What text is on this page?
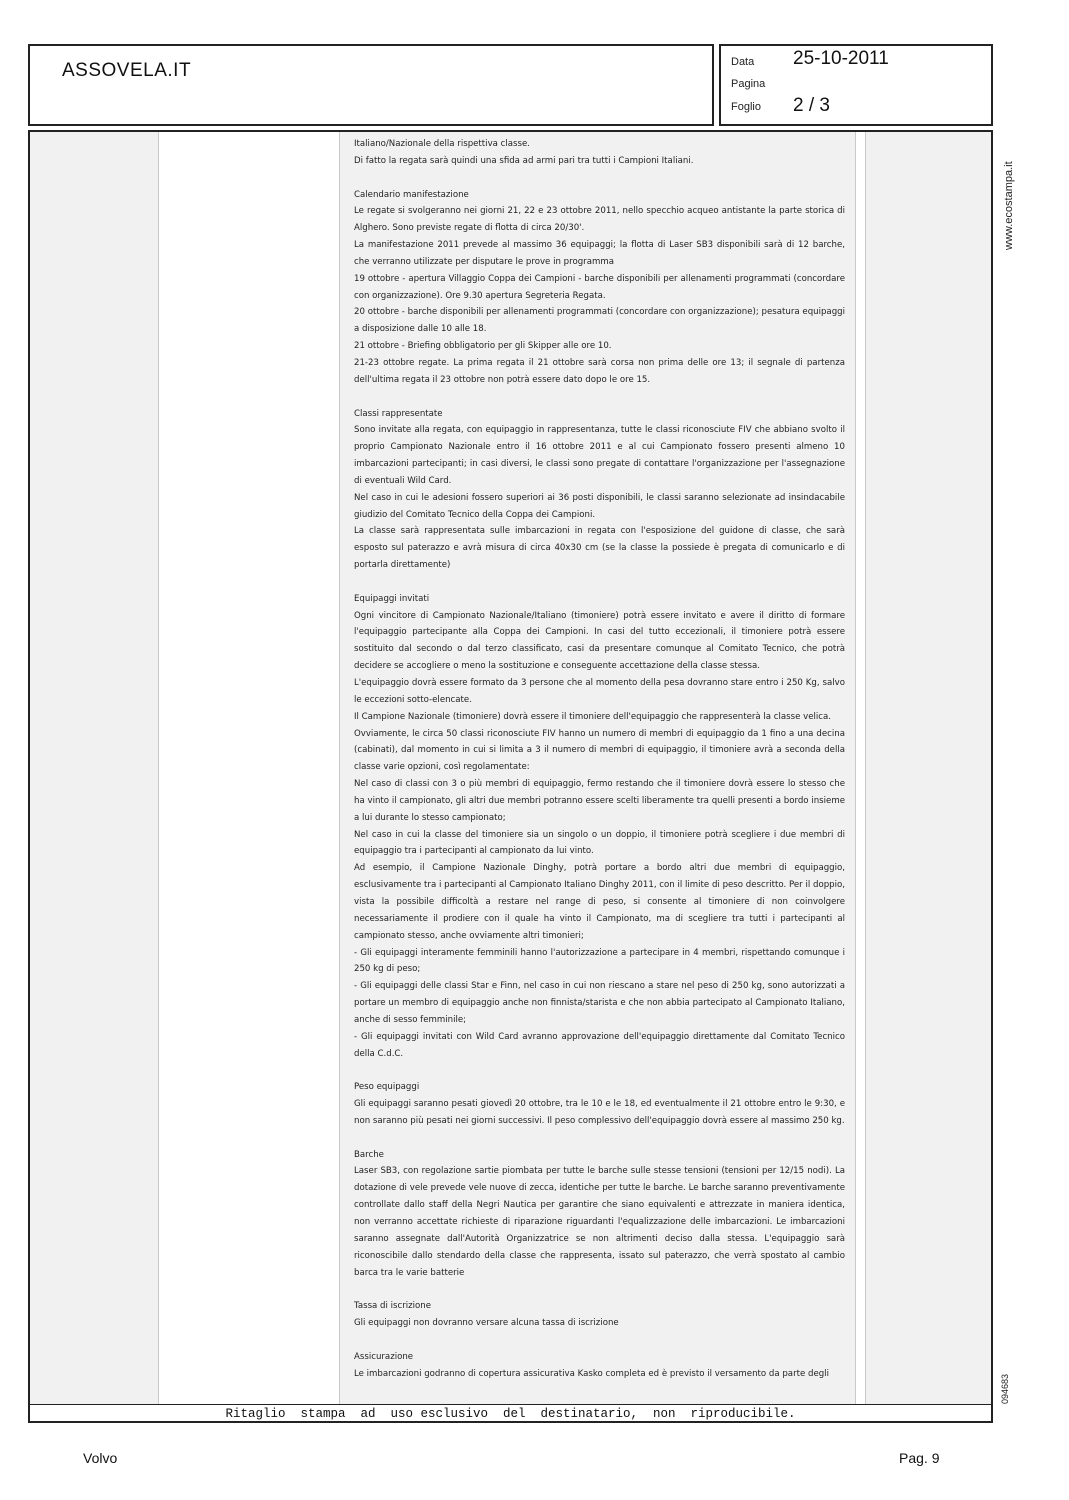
ASSOVELA.IT	Data 25-10-2011
Pagina
Foglio 2 / 3

Italiano/Nazionale della rispettiva classe.

Di fatto la regata sarà quindi una sfida ad armi pari tra tutti i Campioni Italiani.

Calendario manifestazione

Le regate si svolgeranno nei giorni 21, 22 e 23 ottobre 2011, nello specchio acqueo antistante la parte storica di Alghero. Sono previste regate di flotta di circa 20/30'.

La manifestazione 2011 prevede al massimo 36 equipaggi; la flotta di Laser SB3 disponibili sarà di 12 barche, che verranno utilizzate per disputare le prove in programma

19 ottobre - apertura Villaggio Coppa dei Campioni - barche disponibili per allenamenti programmati (concordare con organizzazione). Ore 9.30 apertura Segreteria Regata.

20 ottobre - barche disponibili per allenamenti programmati (concordare con organizzazione); pesatura equipaggi a disposizione dalle 10 alle 18.

21 ottobre - Briefing obbligatorio per gli Skipper alle ore 10.

21-23 ottobre regate. La prima regata il 21 ottobre sarà corsa non prima delle ore 13; il segnale di partenza dell'ultima regata il 23 ottobre non potrà essere dato dopo le ore 15.

Classi rappresentate

Sono invitate alla regata, con equipaggio in rappresentanza, tutte le classi riconosciute FIV che abbiano svolto il proprio Campionato Nazionale entro il 16 ottobre 2011 e al cui Campionato fossero presenti almeno 10 imbarcazioni partecipanti; in casi diversi, le classi sono pregate di contattare l'organizzazione per l'assegnazione di eventuali Wild Card.

Nel caso in cui le adesioni fossero superiori ai 36 posti disponibili, le classi saranno selezionate ad insindacabile giudizio del Comitato Tecnico della Coppa dei Campioni.

La classe sarà rappresentata sulle imbarcazioni in regata con l'esposizione del guidone di classe, che sarà esposto sul paterazzo e avrà misura di circa 40x30 cm (se la classe la possiede è pregata di comunicarlo e di portarla direttamente)

Equipaggi invitati

Ogni vincitore di Campionato Nazionale/Italiano (timoniere) potrà essere invitato e avere il diritto di formare l'equipaggio partecipante alla Coppa dei Campioni. In casi del tutto eccezionali, il timoniere potrà essere sostituito dal secondo o dal terzo classificato, casi da presentare comunque al Comitato Tecnico, che potrà decidere se accogliere o meno la sostituzione e conseguente accettazione della classe stessa.

L'equipaggio dovrà essere formato da 3 persone che al momento della pesa dovranno stare entro i 250 Kg, salvo le eccezioni sotto-elencate.

Il Campione Nazionale (timoniere) dovrà essere il timoniere dell'equipaggio che rappresenterà la classe velica.

Ovviamente, le circa 50 classi riconosciute FIV hanno un numero di membri di equipaggio da 1 fino a una decina (cabinati), dal momento in cui si limita a 3 il numero di membri di equipaggio, il timoniere avrà a seconda della classe varie opzioni, così regolamentate:

Nel caso di classi con 3 o più membri di equipaggio, fermo restando che il timoniere dovrà essere lo stesso che ha vinto il campionato, gli altri due membri potranno essere scelti liberamente tra quelli presenti a bordo insieme a lui durante lo stesso campionato;

Nel caso in cui la classe del timoniere sia un singolo o un doppio, il timoniere potrà scegliere i due membri di equipaggio tra i partecipanti al campionato da lui vinto.

Ad esempio, il Campione Nazionale Dinghy, potrà portare a bordo altri due membri di equipaggio, esclusivamente tra i partecipanti al Campionato Italiano Dinghy 2011, con il limite di peso descritto. Per il doppio, vista la possibile difficoltà a restare nel range di peso, si consente al timoniere di non coinvolgere necessariamente il prodiere con il quale ha vinto il Campionato, ma di scegliere tra tutti i partecipanti al campionato stesso, anche ovviamente altri timonieri;

- Gli equipaggi interamente femminili hanno l'autorizzazione a partecipare in 4 membri, rispettando comunque i 250 kg di peso;

- Gli equipaggi delle classi Star e Finn, nel caso in cui non riescano a stare nel peso di 250 kg, sono autorizzati a portare un membro di equipaggio anche non finnista/starista e che non abbia partecipato al Campionato Italiano, anche di sesso femminile;

- Gli equipaggi invitati con Wild Card avranno approvazione dell'equipaggio direttamente dal Comitato Tecnico della C.d.C.

Peso equipaggi

Gli equipaggi saranno pesati giovedì 20 ottobre, tra le 10 e le 18, ed eventualmente il 21 ottobre entro le 9:30, e non saranno più pesati nei giorni successivi. Il peso complessivo dell'equipaggio dovrà essere al massimo 250 kg.

Barche

Laser SB3, con regolazione sartie piombata per tutte le barche sulle stesse tensioni (tensioni per 12/15 nodi). La dotazione di vele prevede vele nuove di zecca, identiche per tutte le barche. Le barche saranno preventivamente controllate dallo staff della Negri Nautica per garantire che siano equivalenti e attrezzate in maniera identica, non verranno accettate richieste di riparazione riguardanti l'equalizzazione delle imbarcazioni. Le imbarcazioni saranno assegnate dall'Autorità Organizzatrice se non altrimenti deciso dalla stessa. L'equipaggio sarà riconoscibile dallo stendardo della classe che rappresenta, issato sul paterazzo, che verrà spostato al cambio barca tra le varie batterie

Tassa di iscrizione

Gli equipaggi non dovranno versare alcuna tassa di iscrizione

Assicurazione

Le imbarcazioni godranno di copertura assicurativa Kasko completa ed è previsto il versamento da parte degli

www.ecostampa.it
094683
Ritaglio  stampa  ad  uso esclusivo  del  destinatario,  non  riproducibile.
Volvo	Pag. 9
